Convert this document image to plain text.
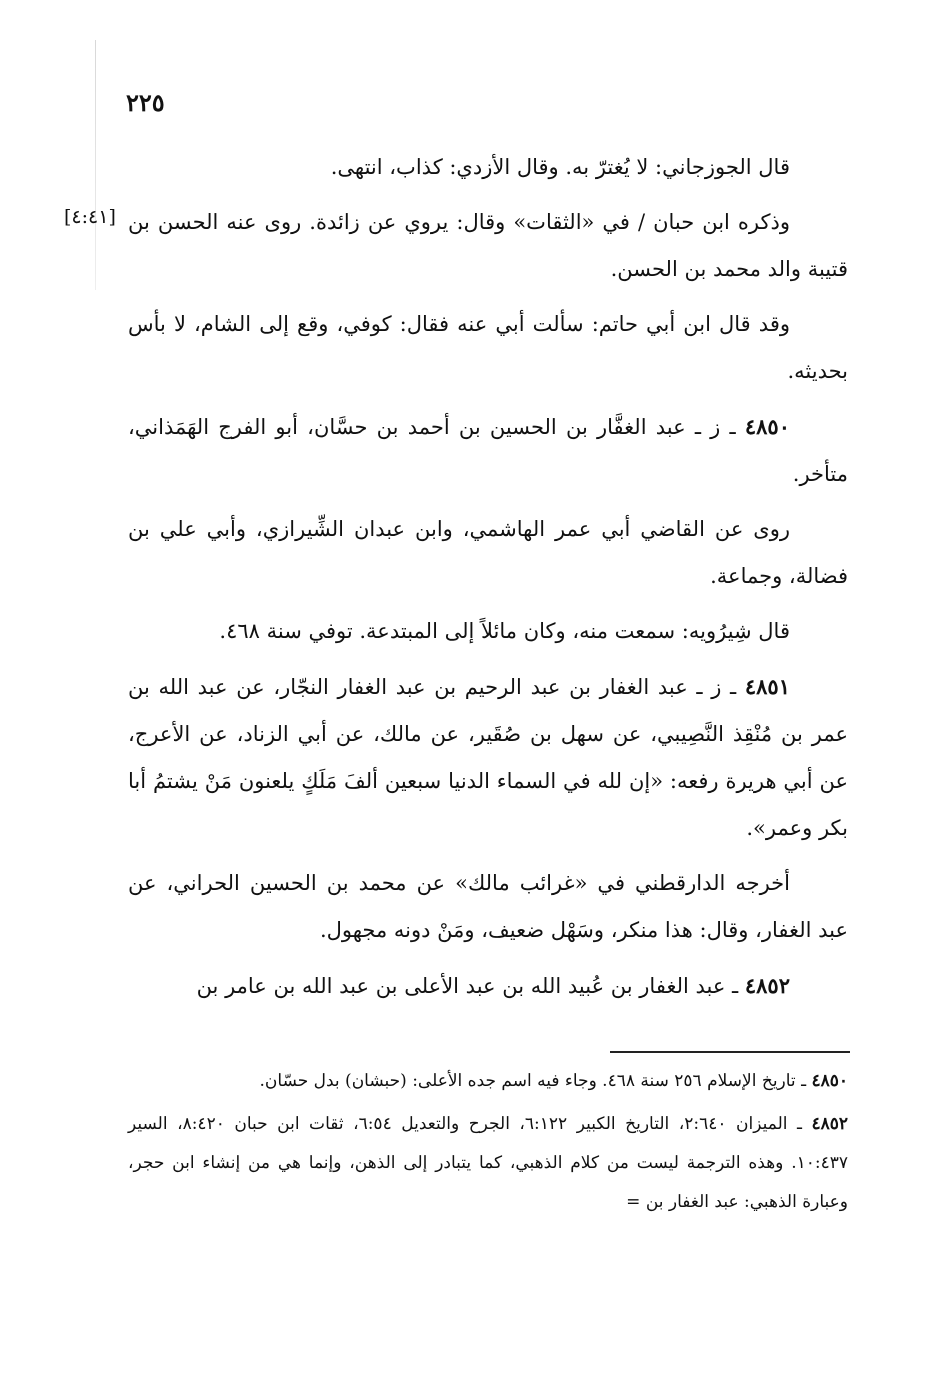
٢٢٥
[٤:٤١]

قال الجوزجاني: لا يُغترّ به. وقال الأزدي: كذاب، انتهى.

وذكره ابن حبان / في «الثقات» وقال: يروي عن زائدة. روى عنه الحسن بن قتيبة والد محمد بن الحسن.

وقد قال ابن أبي حاتم: سألت أبي عنه فقال: كوفي، وقع إلى الشام، لا بأس بحديثه.

٤٨٥٠ ـ ز ـ عبد الغفَّار بن الحسين بن أحمد بن حسَّان، أبو الفرج الهَمَذاني، متأخر.

روى عن القاضي أبي عمر الهاشمي، وابن عبدان الشِّيرازي، وأبي علي بن فضالة، وجماعة.

قال شِيرُويه: سمعت منه، وكان مائلاً إلى المبتدعة. توفي سنة ٤٦٨.

٤٨٥١ ـ ز ـ عبد الغفار بن عبد الرحيم بن عبد الغفار النجّار، عن عبد الله بن عمر بن مُنْقِذ النَّصِيبي، عن سهل بن صُقَير، عن مالك، عن أبي الزناد، عن الأعرج، عن أبي هريرة رفعه: «إن لله في السماء الدنيا سبعين ألفَ مَلَكٍ يلعنون مَنْ يشتمُ أبا بكر وعمر».

أخرجه الدارقطني في «غرائب مالك» عن محمد بن الحسين الحراني، عن عبد الغفار، وقال: هذا منكر، وسَهْل ضعيف، ومَنْ دونه مجهول.

٤٨٥٢ ـ عبد الغفار بن عُبيد الله بن عبد الأعلى بن عبد الله بن عامر بن

٤٨٥٠ ـ تاريخ الإسلام ٢٥٦ سنة ٤٦٨. وجاء فيه اسم جده الأعلى: (حبشان) بدل حسّان.

٤٨٥٢ ـ الميزان ٢:٦٤٠، التاريخ الكبير ٦:١٢٢، الجرح والتعديل ٦:٥٤، ثقات ابن حبان ٨:٤٢٠، السير ١٠:٤٣٧. وهذه الترجمة ليست من كلام الذهبي، كما يتبادر إلى الذهن، وإنما هي من إنشاء ابن حجر، وعبارة الذهبي: عبد الغفار بن =
